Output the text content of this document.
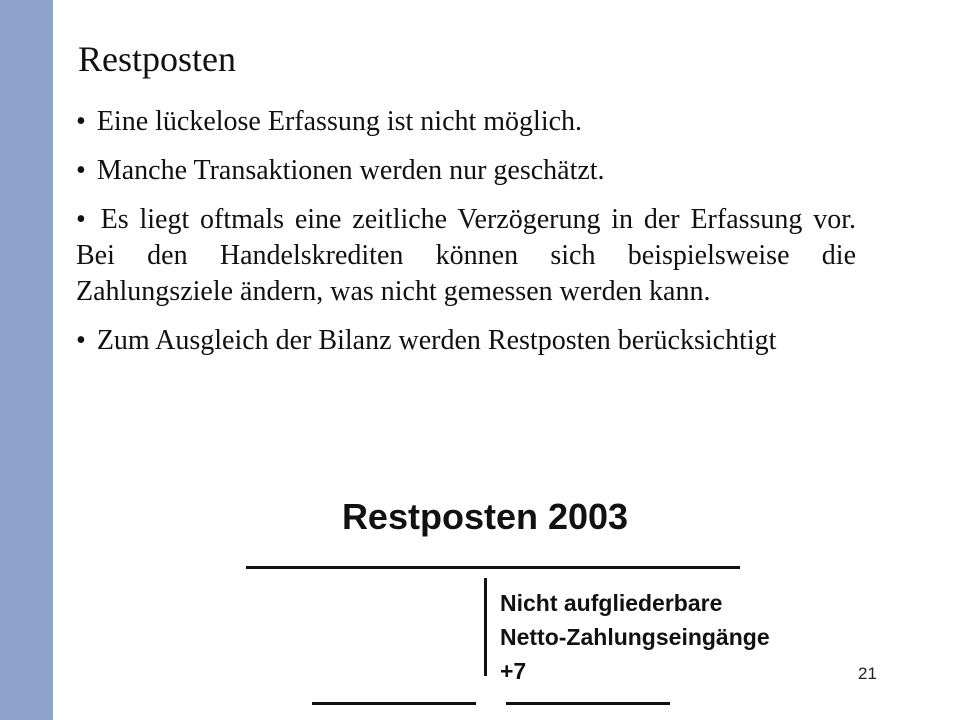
Restposten
• Eine lückelose Erfassung ist nicht möglich.
• Manche Transaktionen werden nur geschätzt.
• Es liegt oftmals eine zeitliche Verzögerung in der Erfassung vor. Bei den Handelskrediten können sich beispielsweise die Zahlungsziele ändern, was nicht gemessen werden kann.
• Zum Ausgleich der Bilanz werden Restposten berücksichtigt
Restposten 2003
Nicht aufgliederbare
Netto-Zahlungseingänge
+7	21
